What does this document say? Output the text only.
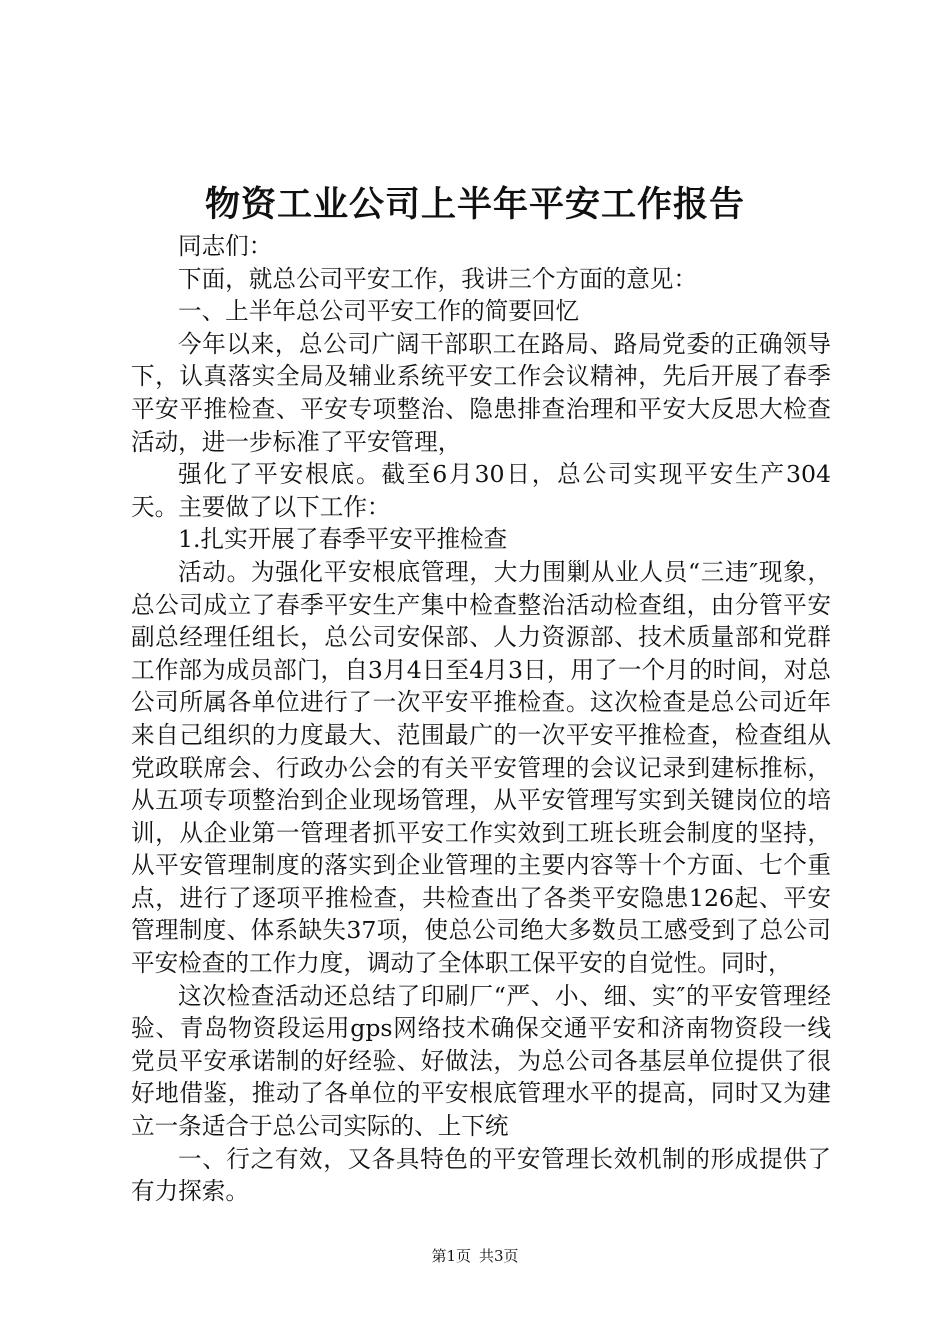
物资工业公司上半年平安工作报告

同志们：

下面，就总公司平安工作，我讲三个方面的意见：

一、上半年总公司平安工作的简要回忆

今年以来，总公司广阔干部职工在路局、路局党委的正确领导下，认真落实全局及辅业系统平安工作会议精神，先后开展了春季平安平推检查、平安专项整治、隐患排查治理和平安大反思大检查活动，进一步标准了平安管理，

强化了平安根底。截至6月30日，总公司实现平安生产304天。主要做了以下工作：

1.扎实开展了春季平安平推检查

活动。为强化平安根底管理，大力围剿从业人员“三违″现象，总公司成立了春季平安生产集中检查整治活动检查组，由分管平安副总经理任组长，总公司安保部、人力资源部、技术质量部和党群工作部为成员部门，自3月4日至4月3日，用了一个月的时间，对总公司所属各单位进行了一次平安平推检查。这次检查是总公司近年来自己组织的力度最大、范围最广的一次平安平推检查，检查组从党政联席会、行政办公会的有关平安管理的会议记录到建标推标，从五项专项整治到企业现场管理，从平安管理写实到关键岗位的培训，从企业第一管理者抓平安工作实效到工班长班会制度的坚持，从平安管理制度的落实到企业管理的主要内容等十个方面、七个重点，进行了逐项平推检查，共检查出了各类平安隐患126起、平安管理制度、体系缺失37项，使总公司绝大多数员工感受到了总公司平安检查的工作力度，调动了全体职工保平安的自觉性。同时，

这次检查活动还总结了印刷厂“严、小、细、实″的平安管理经验、青岛物资段运用gps网络技术确保交通平安和济南物资段一线党员平安承诺制的好经验、好做法，为总公司各基层单位提供了很好地借鉴，推动了各单位的平安根底管理水平的提高，同时又为建立一条适合于总公司实际的、上下统

一、行之有效，又各具特色的平安管理长效机制的形成提供了有力探索。

第1页 共3页
